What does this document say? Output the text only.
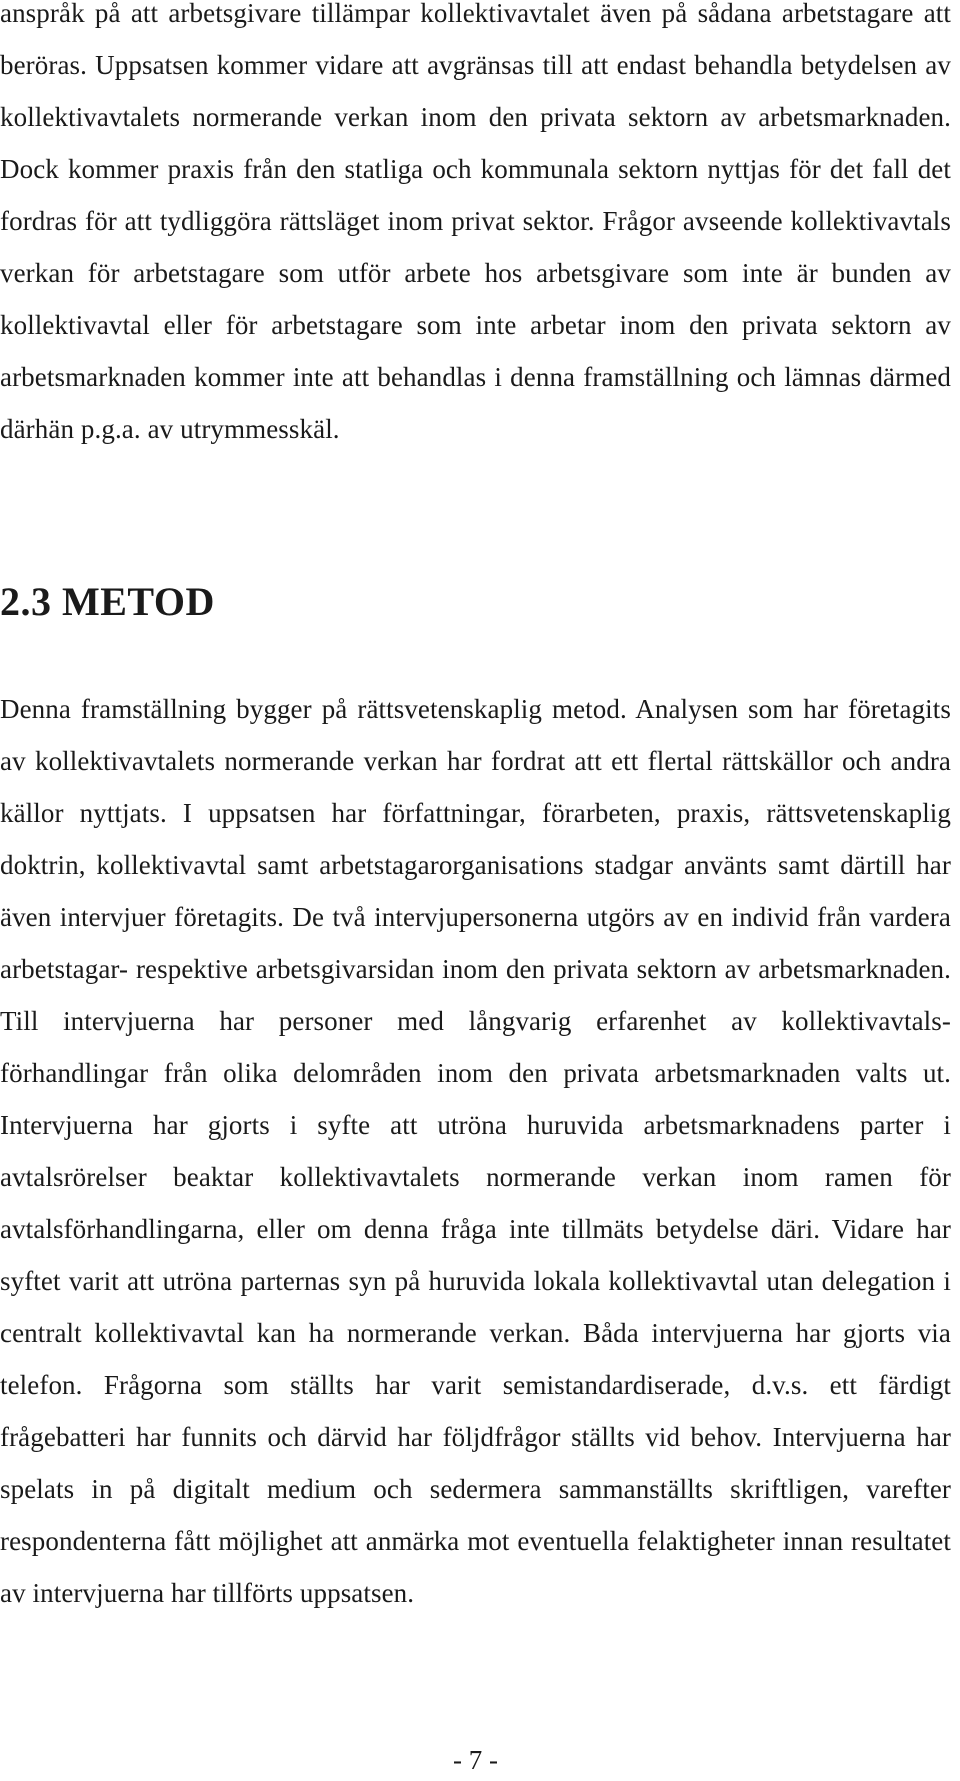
anspråk på att arbetsgivare tillämpar kollektivavtalet även på sådana arbetstagare att beröras. Uppsatsen kommer vidare att avgränsas till att endast behandla betydelsen av kollektivavtalets normerande verkan inom den privata sektorn av arbetsmarknaden. Dock kommer praxis från den statliga och kommunala sektorn nyttjas för det fall det fordras för att tydliggöra rättsläget inom privat sektor. Frågor avseende kollektivavtals verkan för arbetstagare som utför arbete hos arbetsgivare som inte är bunden av kollektivavtal eller för arbetstagare som inte arbetar inom den privata sektorn av arbetsmarknaden kommer inte att behandlas i denna framställning och lämnas därmed därhän p.g.a. av utrymmesskäl.

2.3 METOD

Denna framställning bygger på rättsvetenskaplig metod. Analysen som har företagits av kollektivavtalets normerande verkan har fordrat att ett flertal rättskällor och andra källor nyttjats. I uppsatsen har författningar, förarbeten, praxis, rättsvetenskaplig doktrin, kollektivavtal samt arbetstagarorganisations stadgar använts samt därtill har även intervjuer företagits. De två intervjupersonerna utgörs av en individ från vardera arbetstagar- respektive arbetsgivarsidan inom den privata sektorn av arbetsmarknaden. Till intervjuerna har personer med långvarig erfarenhet av kollektivavtals-förhandlingar från olika delområden inom den privata arbetsmarknaden valts ut. Intervjuerna har gjorts i syfte att utröna huruvida arbetsmarknadens parter i avtalsrörelser beaktar kollektivavtalets normerande verkan inom ramen för avtalsförhandlingarna, eller om denna fråga inte tillmäts betydelse däri. Vidare har syftet varit att utröna parternas syn på huruvida lokala kollektivavtal utan delegation i centralt kollektivavtal kan ha normerande verkan. Båda intervjuerna har gjorts via telefon. Frågorna som ställts har varit semistandardiserade, d.v.s. ett färdigt frågebatteri har funnits och därvid har följdfrågor ställts vid behov. Intervjuerna har spelats in på digitalt medium och sedermera sammanställts skriftligen, varefter respondenterna fått möjlighet att anmärka mot eventuella felaktigheter innan resultatet av intervjuerna har tillförts uppsatsen.

- 7 -
